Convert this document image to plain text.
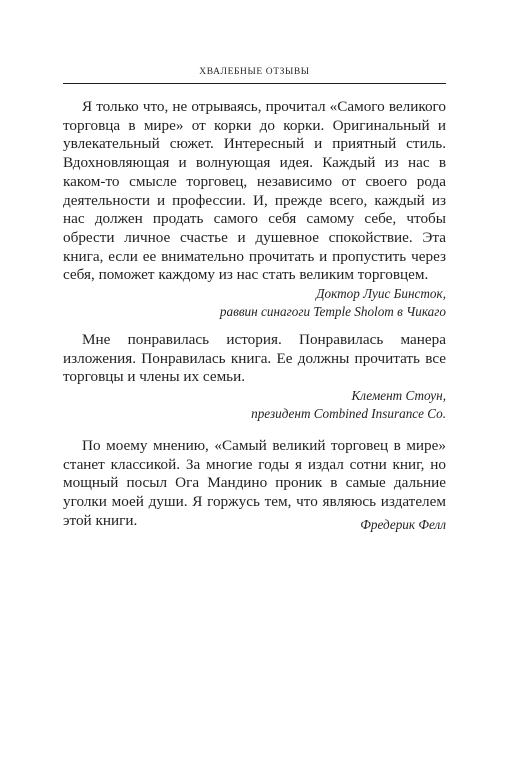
ХВАЛЕБНЫЕ ОТЗЫВЫ

Я только что, не отрываясь, прочитал «Самого великого торговца в мире» от корки до корки. Оригинальный и увлекательный сюжет. Интересный и приятный стиль. Вдохновляющая и волнующая идея. Каждый из нас в каком-то смысле торговец, независимо от своего рода деятельности и профессии. И, прежде всего, каждый из нас должен продать самого себя самому себе, чтобы обрести личное счастье и душевное спокойствие. Эта книга, если ее внимательно прочитать и пропустить через себя, поможет каждому из нас стать великим торговцем.

Доктор Луис Бинсток,
раввин синагоги Temple Sholom в Чикаго

Мне понравилась история. Понравилась манера изложения. Понравилась книга. Ее должны прочитать все торговцы и члены их семьи.

Клемент Стоун,
президент Combined Insurance Co.

По моему мнению, «Самый великий торговец в мире» станет классикой. За многие годы я издал сотни книг, но мощный посыл Ога Мандино проник в самые дальние уголки моей души. Я горжусь тем, что являюсь издателем этой книги.	Фредерик Фелл
